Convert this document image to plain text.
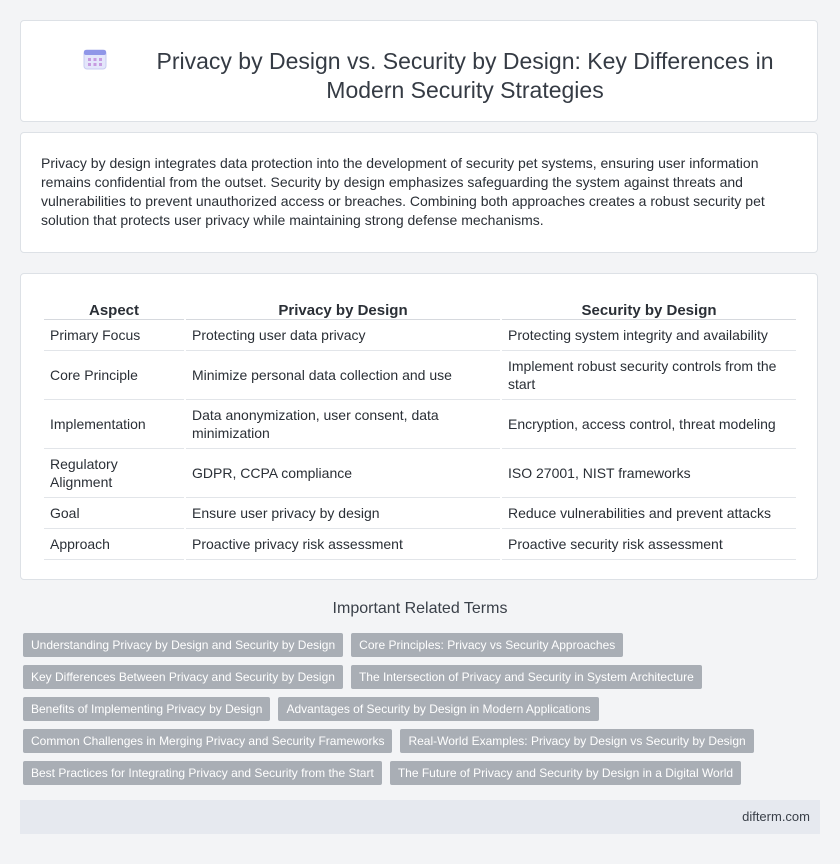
Privacy by Design vs. Security by Design: Key Differences in Modern Security Strategies

Privacy by design integrates data protection into the development of security pet systems, ensuring user information remains confidential from the outset. Security by design emphasizes safeguarding the system against threats and vulnerabilities to prevent unauthorized access or breaches. Combining both approaches creates a robust security pet solution that protects user privacy while maintaining strong defense mechanisms.

Aspect	Privacy by Design	Security by Design
Primary Focus	Protecting user data privacy	Protecting system integrity and availability
Core Principle	Minimize personal data collection and use	Implement robust security controls from the start
Implementation	Data anonymization, user consent, data minimization	Encryption, access control, threat modeling
Regulatory Alignment	GDPR, CCPA compliance	ISO 27001, NIST frameworks
Goal	Ensure user privacy by design	Reduce vulnerabilities and prevent attacks
Approach	Proactive privacy risk assessment	Proactive security risk assessment
Important Related Terms
Understanding Privacy by Design and Security by Design	Core Principles: Privacy vs Security Approaches
Key Differences Between Privacy and Security by Design	The Intersection of Privacy and Security in System Architecture
Benefits of Implementing Privacy by Design	Advantages of Security by Design in Modern Applications
Common Challenges in Merging Privacy and Security Frameworks	Real-World Examples: Privacy by Design vs Security by Design
Best Practices for Integrating Privacy and Security from the Start	The Future of Privacy and Security by Design in a Digital World
difterm.com
